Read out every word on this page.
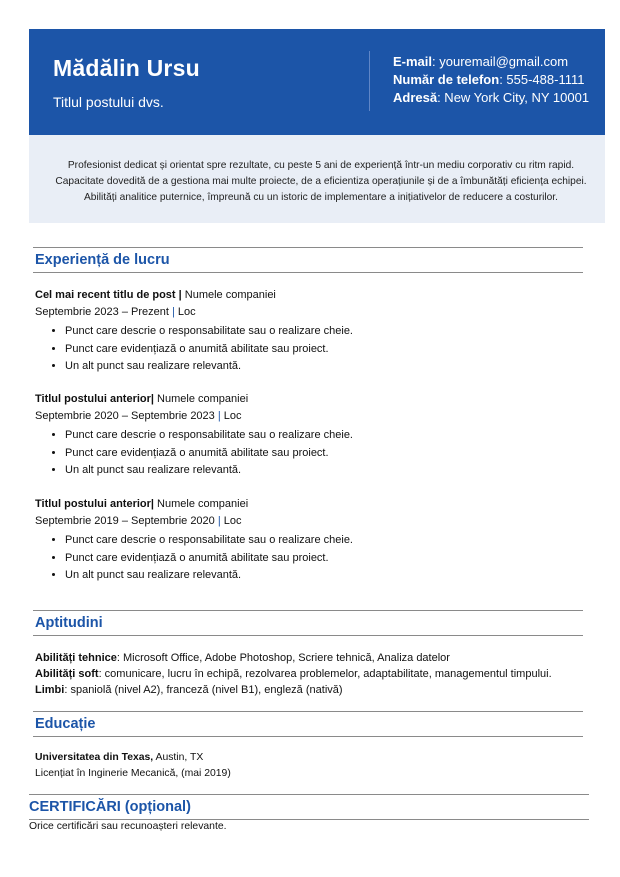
Mădălin Ursu
Titlul postului dvs.
E-mail: youremail@gmail.com
Număr de telefon: 555-488-1111
Adresă: New York City, NY 10001

Profesionist dedicat și orientat spre rezultate, cu peste 5 ani de experiență într-un mediu corporativ cu ritm rapid. Capacitate dovedită de a gestiona mai multe proiecte, de a eficientiza operațiunile și de a îmbunătăți eficiența echipei. Abilități analitice puternice, împreună cu un istoric de implementare a inițiativelor de reducere a costurilor.

Experiență de lucru
Cel mai recent titlu de post | Numele companiei
Septembrie 2023 – Prezent | Loc
• Punct care descrie o responsabilitate sau o realizare cheie.
• Punct care evidențiază o anumită abilitate sau proiect.
• Un alt punct sau realizare relevantă.
Titlul postului anterior| Numele companiei
Septembrie 2020 – Septembrie 2023 | Loc
• Punct care descrie o responsabilitate sau o realizare cheie.
• Punct care evidențiază o anumită abilitate sau proiect.
• Un alt punct sau realizare relevantă.
Titlul postului anterior| Numele companiei
Septembrie 2019 – Septembrie 2020 | Loc
• Punct care descrie o responsabilitate sau o realizare cheie.
• Punct care evidențiază o anumită abilitate sau proiect.
• Un alt punct sau realizare relevantă.
Aptitudini
Abilități tehnice: Microsoft Office, Adobe Photoshop, Scriere tehnică, Analiza datelor
Abilități soft: comunicare, lucru în echipă, rezolvarea problemelor, adaptabilitate, managementul timpului.
Limbi: spaniolă (nivel A2), franceză (nivel B1), engleză (nativă)
Educație
Universitatea din Texas, Austin, TX
Licențiat în Inginerie Mecanică, (mai 2019)
CERTIFICĂRI (opțional)
Orice certificări sau recunoașteri relevante.
